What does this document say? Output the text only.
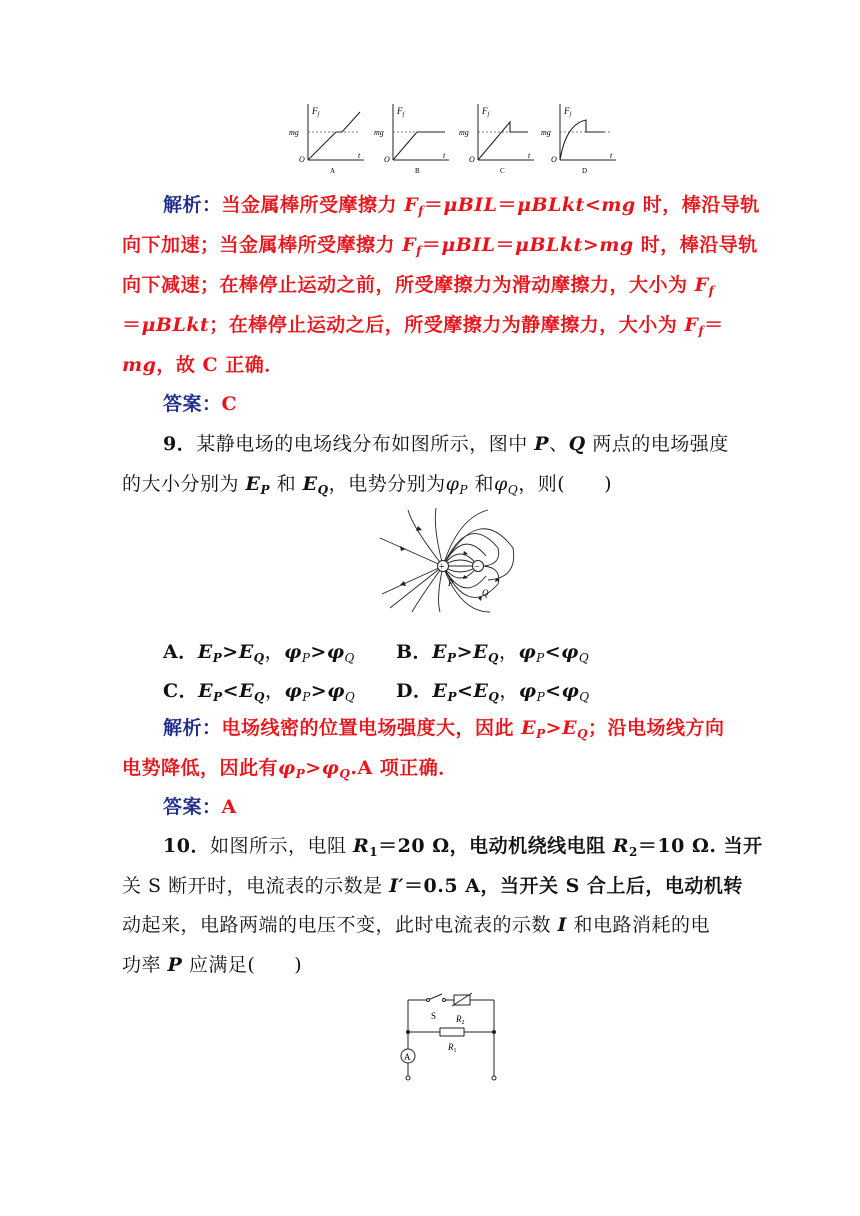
$F_f$
mg
t
O
A
$F_f$
mg
t
O
B
$F_f$
mg
t
O
C
$F_f$
mg
t
O
D
解析：当金属棒所受摩擦力 $F_f=\mu BIL=\mu BLkt<mg$ 时，棒沿导轨
向下加速；当金属棒所受摩擦力 $F_f=\mu BIL=\mu BLkt>mg$ 时，棒沿导轨
向下减速；在棒停止运动之前，所受摩擦力为滑动摩擦力，大小为 $F_f$
＝μBLkt；在棒停止运动之后，所受摩擦力为静摩擦力，大小为 $F_f=$
mg，故 C 正确．
答案：C
9．某静电场的电场线分布如图所示，图中 P、Q 两点的电场强度
的大小分别为 $E_P$ 和 $E_Q$，电势分别为$\varphi_P$ 和$\varphi_Q$，则(　　)
+	−
P
Q
A．$E_P>E_Q$，$\varphi_P>\varphi_Q$ B．$E_P>E_Q$，$\varphi_P<\varphi_Q$
C．$E_P<E_Q$，$\varphi_P>\varphi_Q$ D．$E_P<E_Q$，$\varphi_P<\varphi_Q$
解析：电场线密的位置电场强度大，因此 $E_P>E_Q$；沿电场线方向
电势降低，因此有$\varphi_P>\varphi_Q.A$ 项正确．
答案：A
10．如图所示，电阻 $R_1=20$ Ω，电动机绕线电阻 $R_2=10$ Ω. 当开
关 S 断开时，电流表的示数是 I′＝0.5 A，当开关 S 合上后，电动机转
动起来，电路两端的电压不变，此时电流表的示数 I 和电路消耗的电
功率 P 应满足(　　)
S $R_2$
$R_1$
A
